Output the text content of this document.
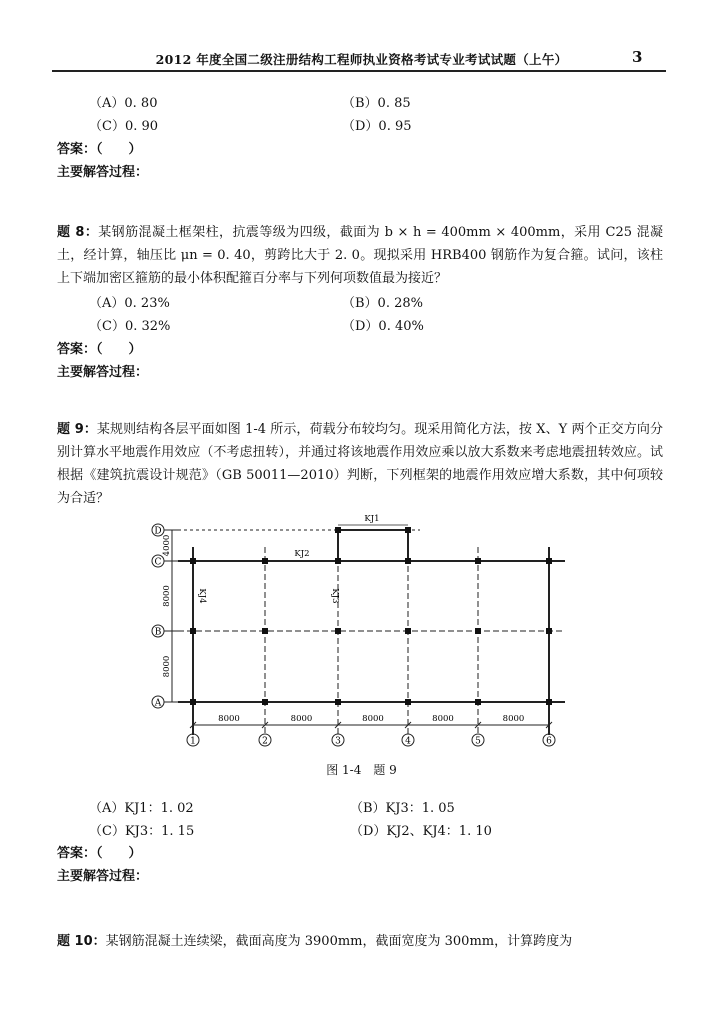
2012 年度全国二级注册结构工程师执业资格考试专业考试试题（上午）	3
（A）0. 80	（B）0. 85
（C）0. 90	（D）0. 95
答案：（　　）
主要解答过程：
题 8：某钢筋混凝土框架柱，抗震等级为四级，截面为 b × h = 400mm × 400mm，采用 C25 混凝土，经计算，轴压比 μn = 0. 40，剪跨比大于 2. 0。现拟采用 HRB400 钢筋作为复合箍。试问，该柱上下端加密区箍筋的最小体积配箍百分率与下列何项数值最为接近？
（A）0. 23%	（B）0. 28%
（C）0. 32%	（D）0. 40%
答案：（　　）
主要解答过程：
题 9：某规则结构各层平面如图 1-4 所示，荷载分布较均匀。现采用简化方法，按 X、Y 两个正交方向分别计算水平地震作用效应（不考虑扭转），并通过将该地震作用效应乘以放大系数来考虑地震扭转效应。试根据《建筑抗震设计规范》（GB 50011—2010）判断，下列框架的地震作用效应增大系数，其中何项较为合适？
D
C
B
A
4000
8000
8000
1	2	3	4	5	6
8000	8000	8000	8000	8000
KJ1
KJ2
KJ3
KJ4
图 1-4　题 9
（A）KJ1：1. 02	（B）KJ3：1. 05
（C）KJ3：1. 15	（D）KJ2、KJ4：1. 10
答案：（　　）
主要解答过程：
题 10：某钢筋混凝土连续梁，截面高度为 3900mm，截面宽度为 300mm，计算跨度为
